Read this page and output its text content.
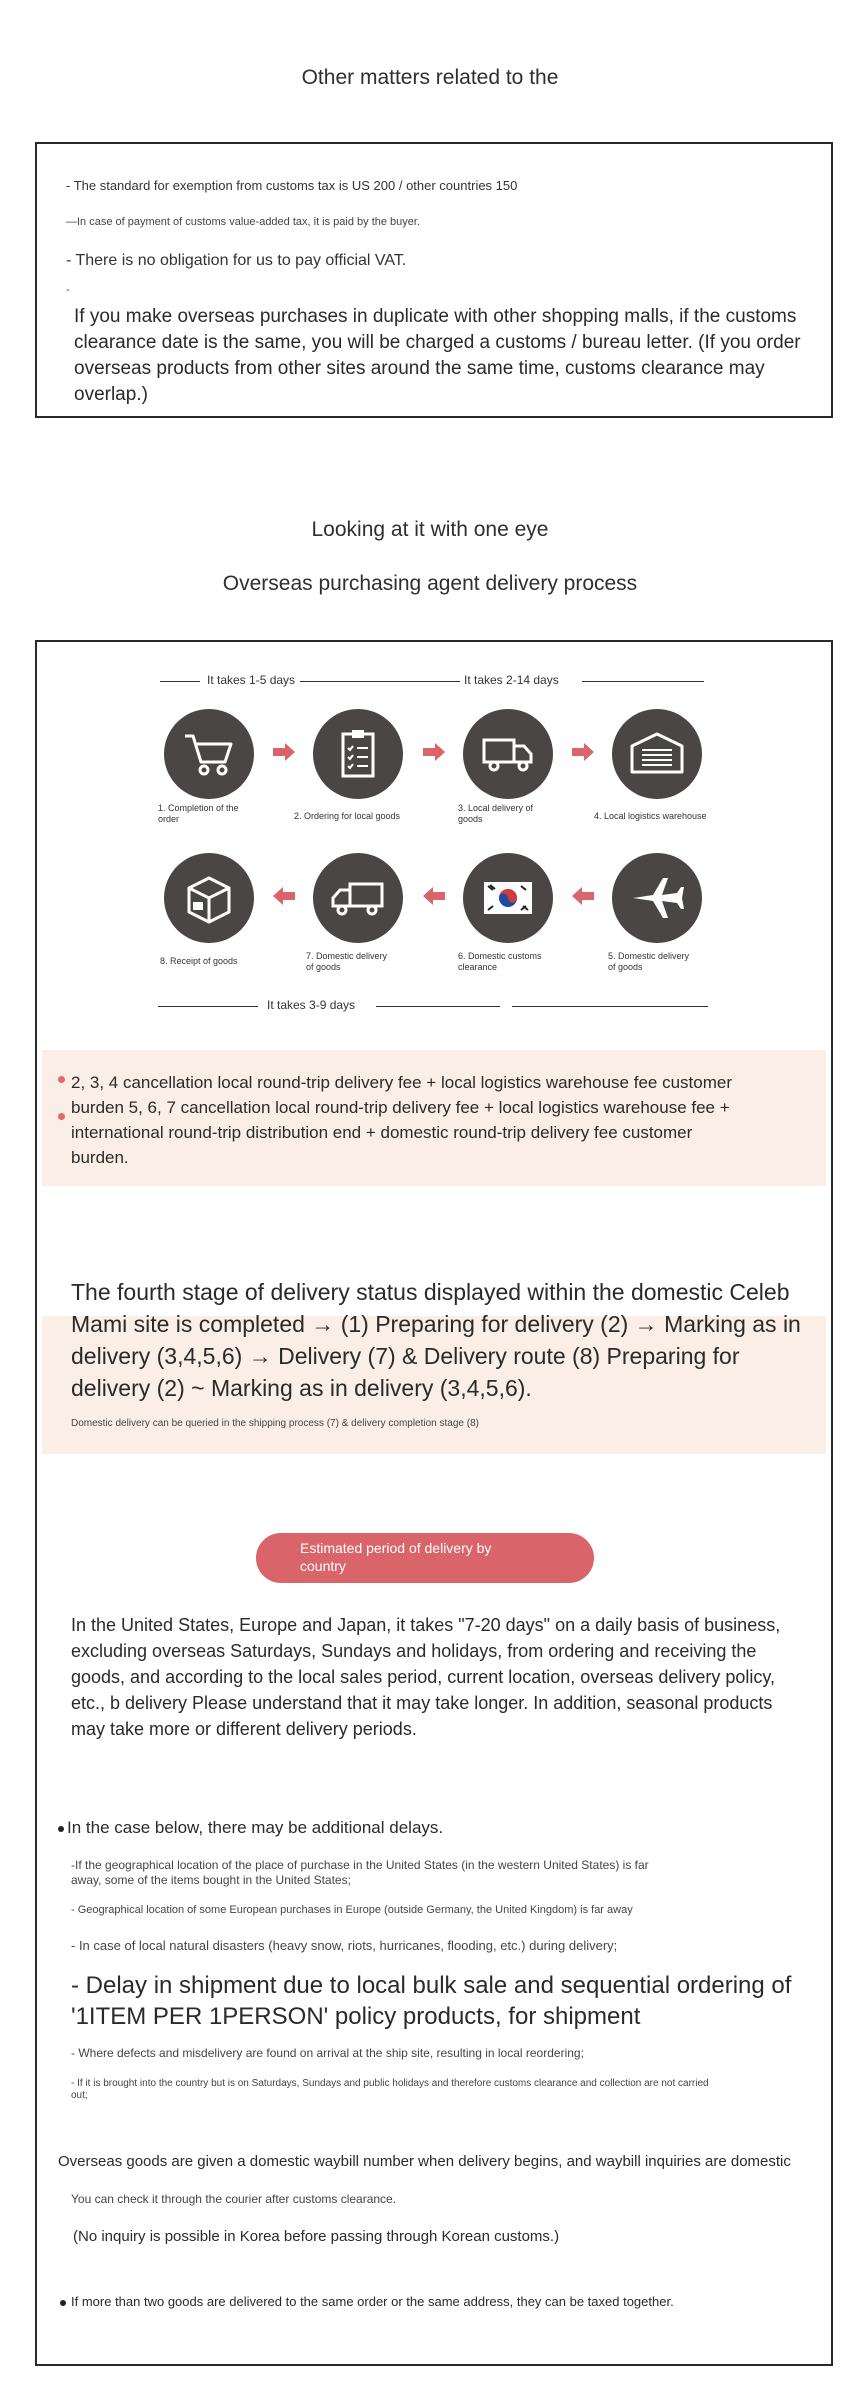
Other matters related to the
- The standard for exemption from customs tax is US 200 / other countries 150
—In case of payment of customs value-added tax, it is paid by the buyer.
- There is no obligation for us to pay official VAT.
-
If you make overseas purchases in duplicate with other shopping malls, if the customs clearance date is the same, you will be charged a customs / bureau letter. (If you order overseas products from other sites around the same time, customs clearance may overlap.)
Looking at it with one eye
Overseas purchasing agent delivery process
It takes 1-5 days	It takes 2-14 days
1. Completion of the order	2. Ordering for local goods
3. Local delivery of goods	4. Local logistics warehouse
8. Receipt of goods	7. Domestic delivery of goods
6. Domestic customs clearance
5. Domestic delivery of goods
It takes 3-9 days
2, 3, 4 cancellation local round-trip delivery fee + local logistics warehouse fee customer burden 5, 6, 7 cancellation local round-trip delivery fee + local logistics warehouse fee + international round-trip distribution end + domestic round-trip delivery fee customer burden.
The fourth stage of delivery status displayed within the domestic Celeb Mami site is completed → (1) Preparing for delivery (2) → Marking as in delivery (3,4,5,6) → Delivery (7) & Delivery route (8) Preparing for delivery (2) ~ Marking as in delivery (3,4,5,6).
Domestic delivery can be queried in the shipping process (7) & delivery completion stage (8)
Estimated period of delivery by country
In the United States, Europe and Japan, it takes "7-20 days" on a daily basis of business, excluding overseas Saturdays, Sundays and holidays, from ordering and receiving the goods, and according to the local sales period, current location, overseas delivery policy, etc., b delivery Please understand that it may take longer. In addition, seasonal products may take more or different delivery periods.
In the case below, there may be additional delays.
-If the geographical location of the place of purchase in the United States (in the western United States) is far away, some of the items bought in the United States;
- Geographical location of some European purchases in Europe (outside Germany, the United Kingdom) is far away
- In case of local natural disasters (heavy snow, riots, hurricanes, flooding, etc.) during delivery;
- Delay in shipment due to local bulk sale and sequential ordering of '1ITEM PER 1PERSON' policy products, for shipment
- Where defects and misdelivery are found on arrival at the ship site, resulting in local reordering;
- If it is brought into the country but is on Saturdays, Sundays and public holidays and therefore customs clearance and collection are not carried out;
Overseas goods are given a domestic waybill number when delivery begins, and waybill inquiries are domestic
You can check it through the courier after customs clearance.
(No inquiry is possible in Korea before passing through Korean customs.)
If more than two goods are delivered to the same order or the same address, they can be taxed together.
